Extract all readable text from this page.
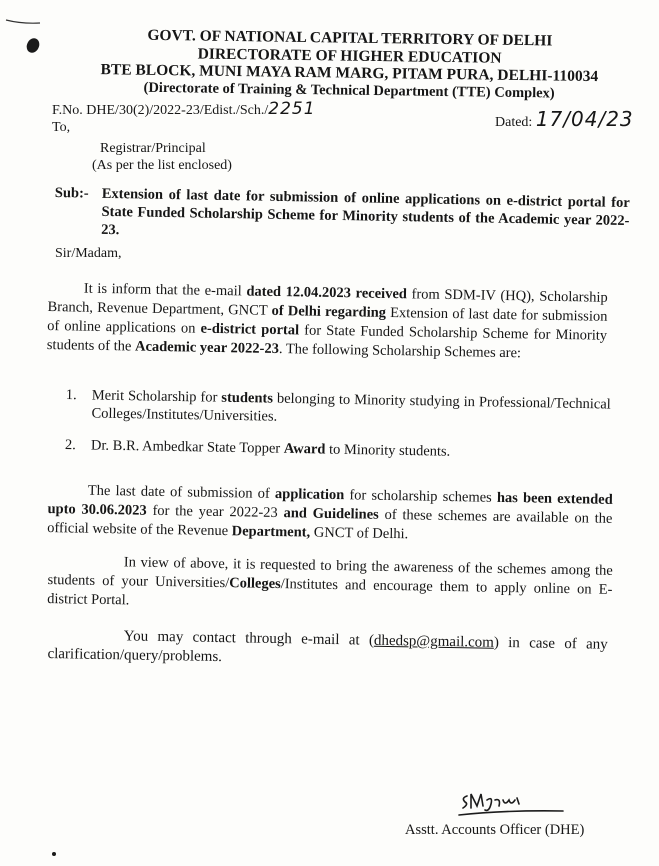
GOVT. OF NATIONAL CAPITAL TERRITORY OF DELHI
DIRECTORATE OF HIGHER EDUCATION
BTE BLOCK, MUNI MAYA RAM MARG, PITAM PURA, DELHI-110034
(Directorate of Training & Technical Department (TTE) Complex)
F.No. DHE/30(2)/2022-23/Edist./Sch./2251
To,	Dated: 17/04/23
Registrar/Principal
(As per the list enclosed)
Sub:- Extension of last date for submission of online applications on e-district portal for State Funded Scholarship Scheme for Minority students of the Academic year 2022-23.
Sir/Madam,
It is inform that the e-mail dated 12.04.2023 received from SDM-IV (HQ), Scholarship Branch, Revenue Department, GNCT of Delhi regarding Extension of last date for submission of online applications on e-district portal for State Funded Scholarship Scheme for Minority students of the Academic year 2022-23. The following Scholarship Schemes are:
1. Merit Scholarship for students belonging to Minority studying in Professional/Technical Colleges/Institutes/Universities.
2. Dr. B.R. Ambedkar State Topper Award to Minority students.
The last date of submission of application for scholarship schemes has been extended upto 30.06.2023 for the year 2022-23 and Guidelines of these schemes are available on the official website of the Revenue Department, GNCT of Delhi.
In view of above, it is requested to bring the awareness of the schemes among the students of your Universities/Colleges/Institutes and encourage them to apply online on E-district Portal.
You may contact through e-mail at (dhedsp@gmail.com) in case of any clarification/query/problems.
Asstt. Accounts Officer (DHE)
